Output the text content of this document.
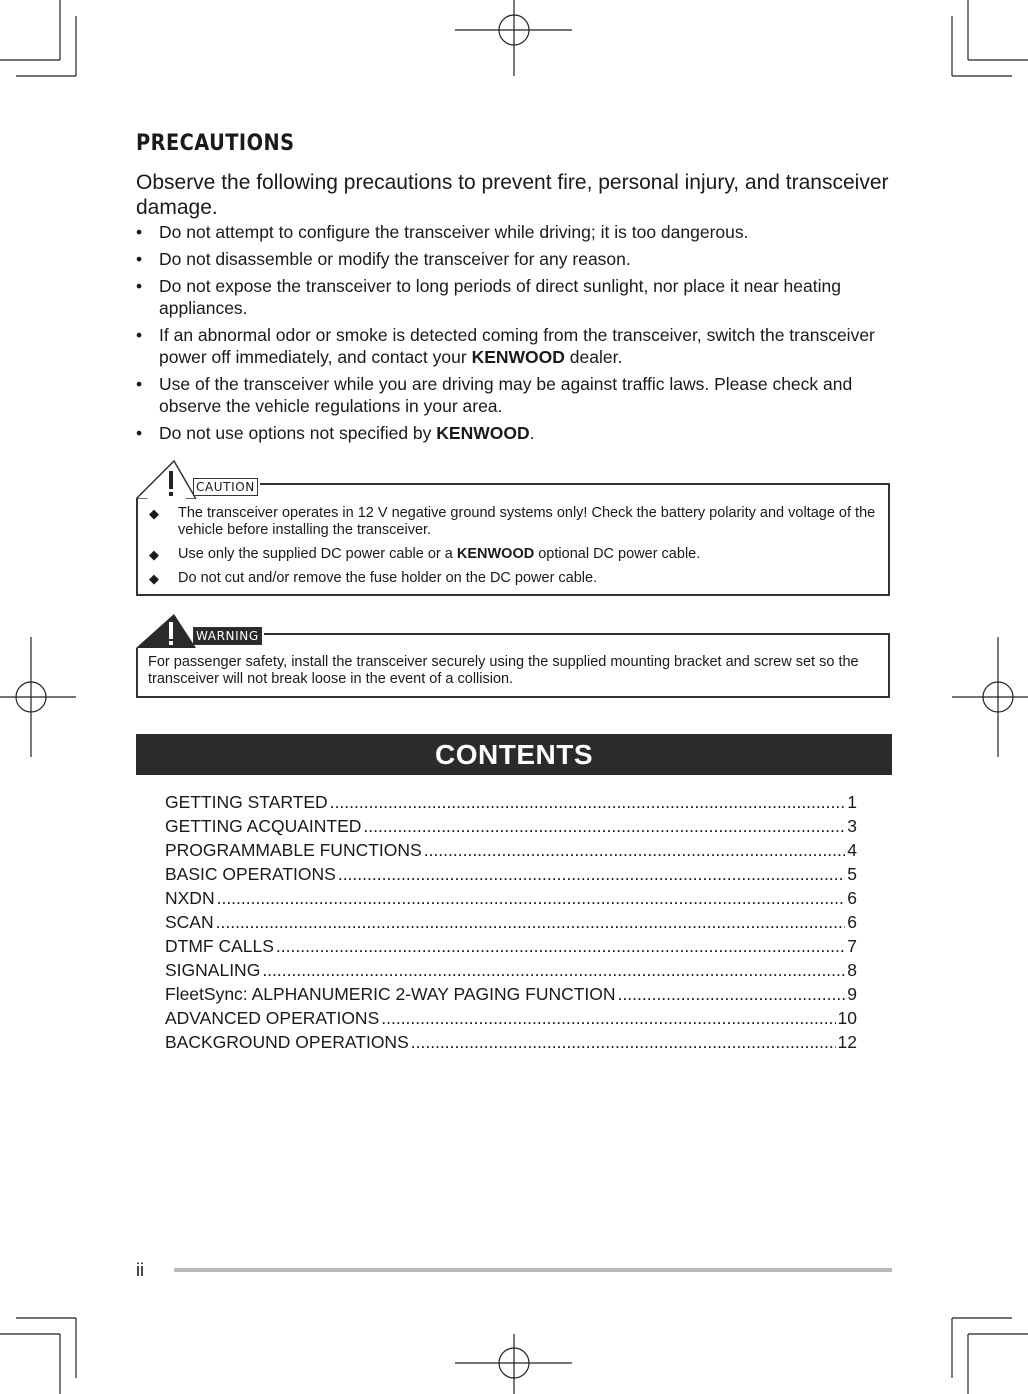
PRECAUTIONS

Observe the following precautions to prevent fire, personal injury, and transceiver damage.

• Do not attempt to configure the transceiver while driving; it is too dangerous.
• Do not disassemble or modify the transceiver for any reason.
• Do not expose the transceiver to long periods of direct sunlight, nor place it near heating appliances.
• If an abnormal odor or smoke is detected coming from the transceiver, switch the transceiver power off immediately, and contact your KENWOOD dealer.
• Use of the transceiver while you are driving may be against traffic laws. Please check and observe the vehicle regulations in your area.
• Do not use options not specified by KENWOOD.
◆ The transceiver operates in 12 V negative ground systems only! Check the battery polarity and voltage of the vehicle before installing the transceiver.
◆ Use only the supplied DC power cable or a KENWOOD optional DC power cable.
◆ Do not cut and/or remove the fuse holder on the DC power cable.
CAUTION

For passenger safety, install the transceiver securely using the supplied mounting bracket and screw set so the transceiver will not break loose in the event of a collision.

WARNING
CONTENTS
GETTING STARTED .....	1
GETTING ACQUAINTED .....	3
PROGRAMMABLE FUNCTIONS .....	4
BASIC OPERATIONS .....	5
NXDN .....	6
SCAN .....	6
DTMF CALLS .....	7
SIGNALING .....	8
FleetSync: ALPHANUMERIC 2-WAY PAGING FUNCTION .....	9
ADVANCED OPERATIONS .....	10
BACKGROUND OPERATIONS .....	12

ii
